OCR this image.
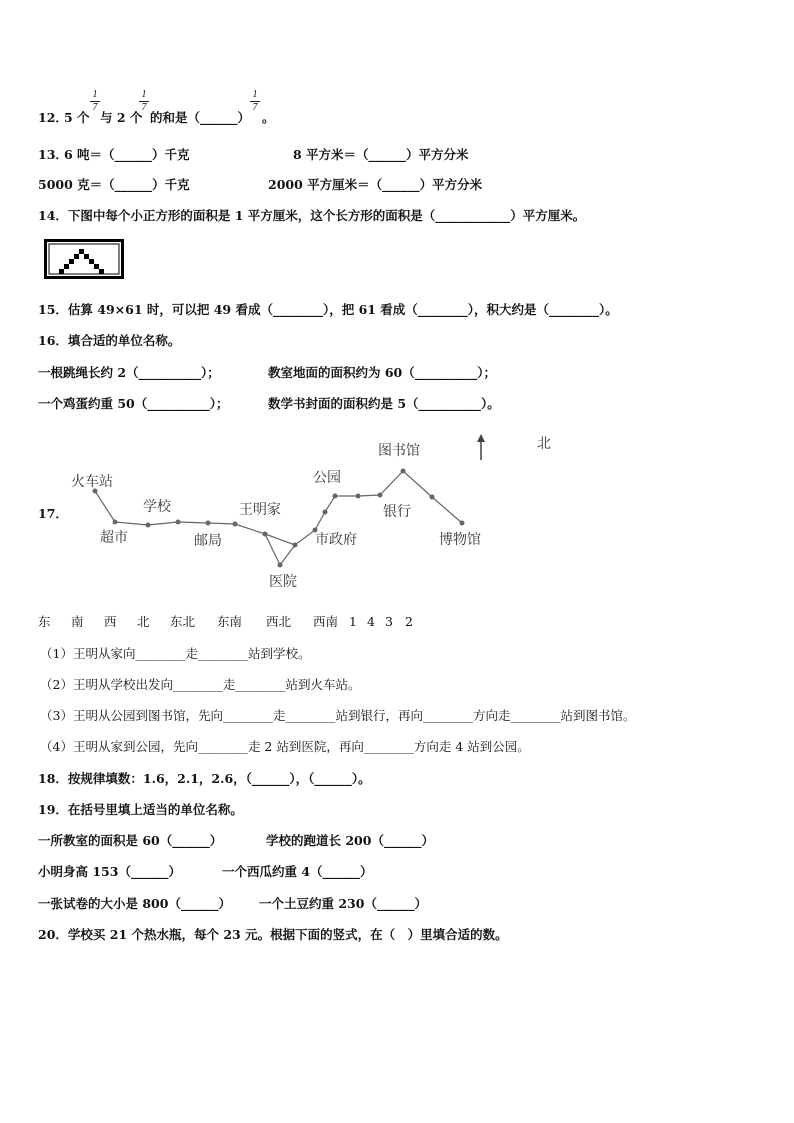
12．
5 个
1
7
与 2 个
1
7
的和是（______）
1
7
。
13．
6 吨＝（______）千克	8 平方米＝（______）平方分米
5000 克＝（______）千克	2000 平方厘米＝（______）平方分米
14．下图中每个小正方形的面积是 1 平方厘米，这个长方形的面积是（____________）平方厘米。
15．估算 49×61 时，可以把 49 看成（________），把 61 看成（________），积大约是（________）。
16．填合适的单位名称。
一根跳绳长约 2（__________）；	教室地面的面积约为 60（__________）；
一个鸡蛋约重 50（__________）；	数学书封面的面积约是 5（__________）。
17．
北
火车站
超市
学校
邮局
王明家
医院
市政府
公园
银行
图书馆
博物馆
东 南 西 北 东北 东南 西北 西南 1 4 3 2
（1）王明从家向________走________站到学校。
（2）王明从学校出发向________走________站到火车站。
（3）王明从公园到图书馆，先向________走________站到银行，再向________方向走________站到图书馆。
（4）王明从家到公园，先向________走 2 站到医院，再向________方向走 4 站到公园。
18．按规律填数：1.6，2.1，2.6，（______），（______）。
19．在括号里填上适当的单位名称。
一所教室的面积是 60（______）	学校的跑道长 200（______）
小明身高 153（______）	一个西瓜约重 4（______）
一张试卷的大小是 800（______） 一个土豆约重 230（______）
20．学校买 21 个热水瓶，每个 23 元。根据下面的竖式，在（　）里填合适的数。
